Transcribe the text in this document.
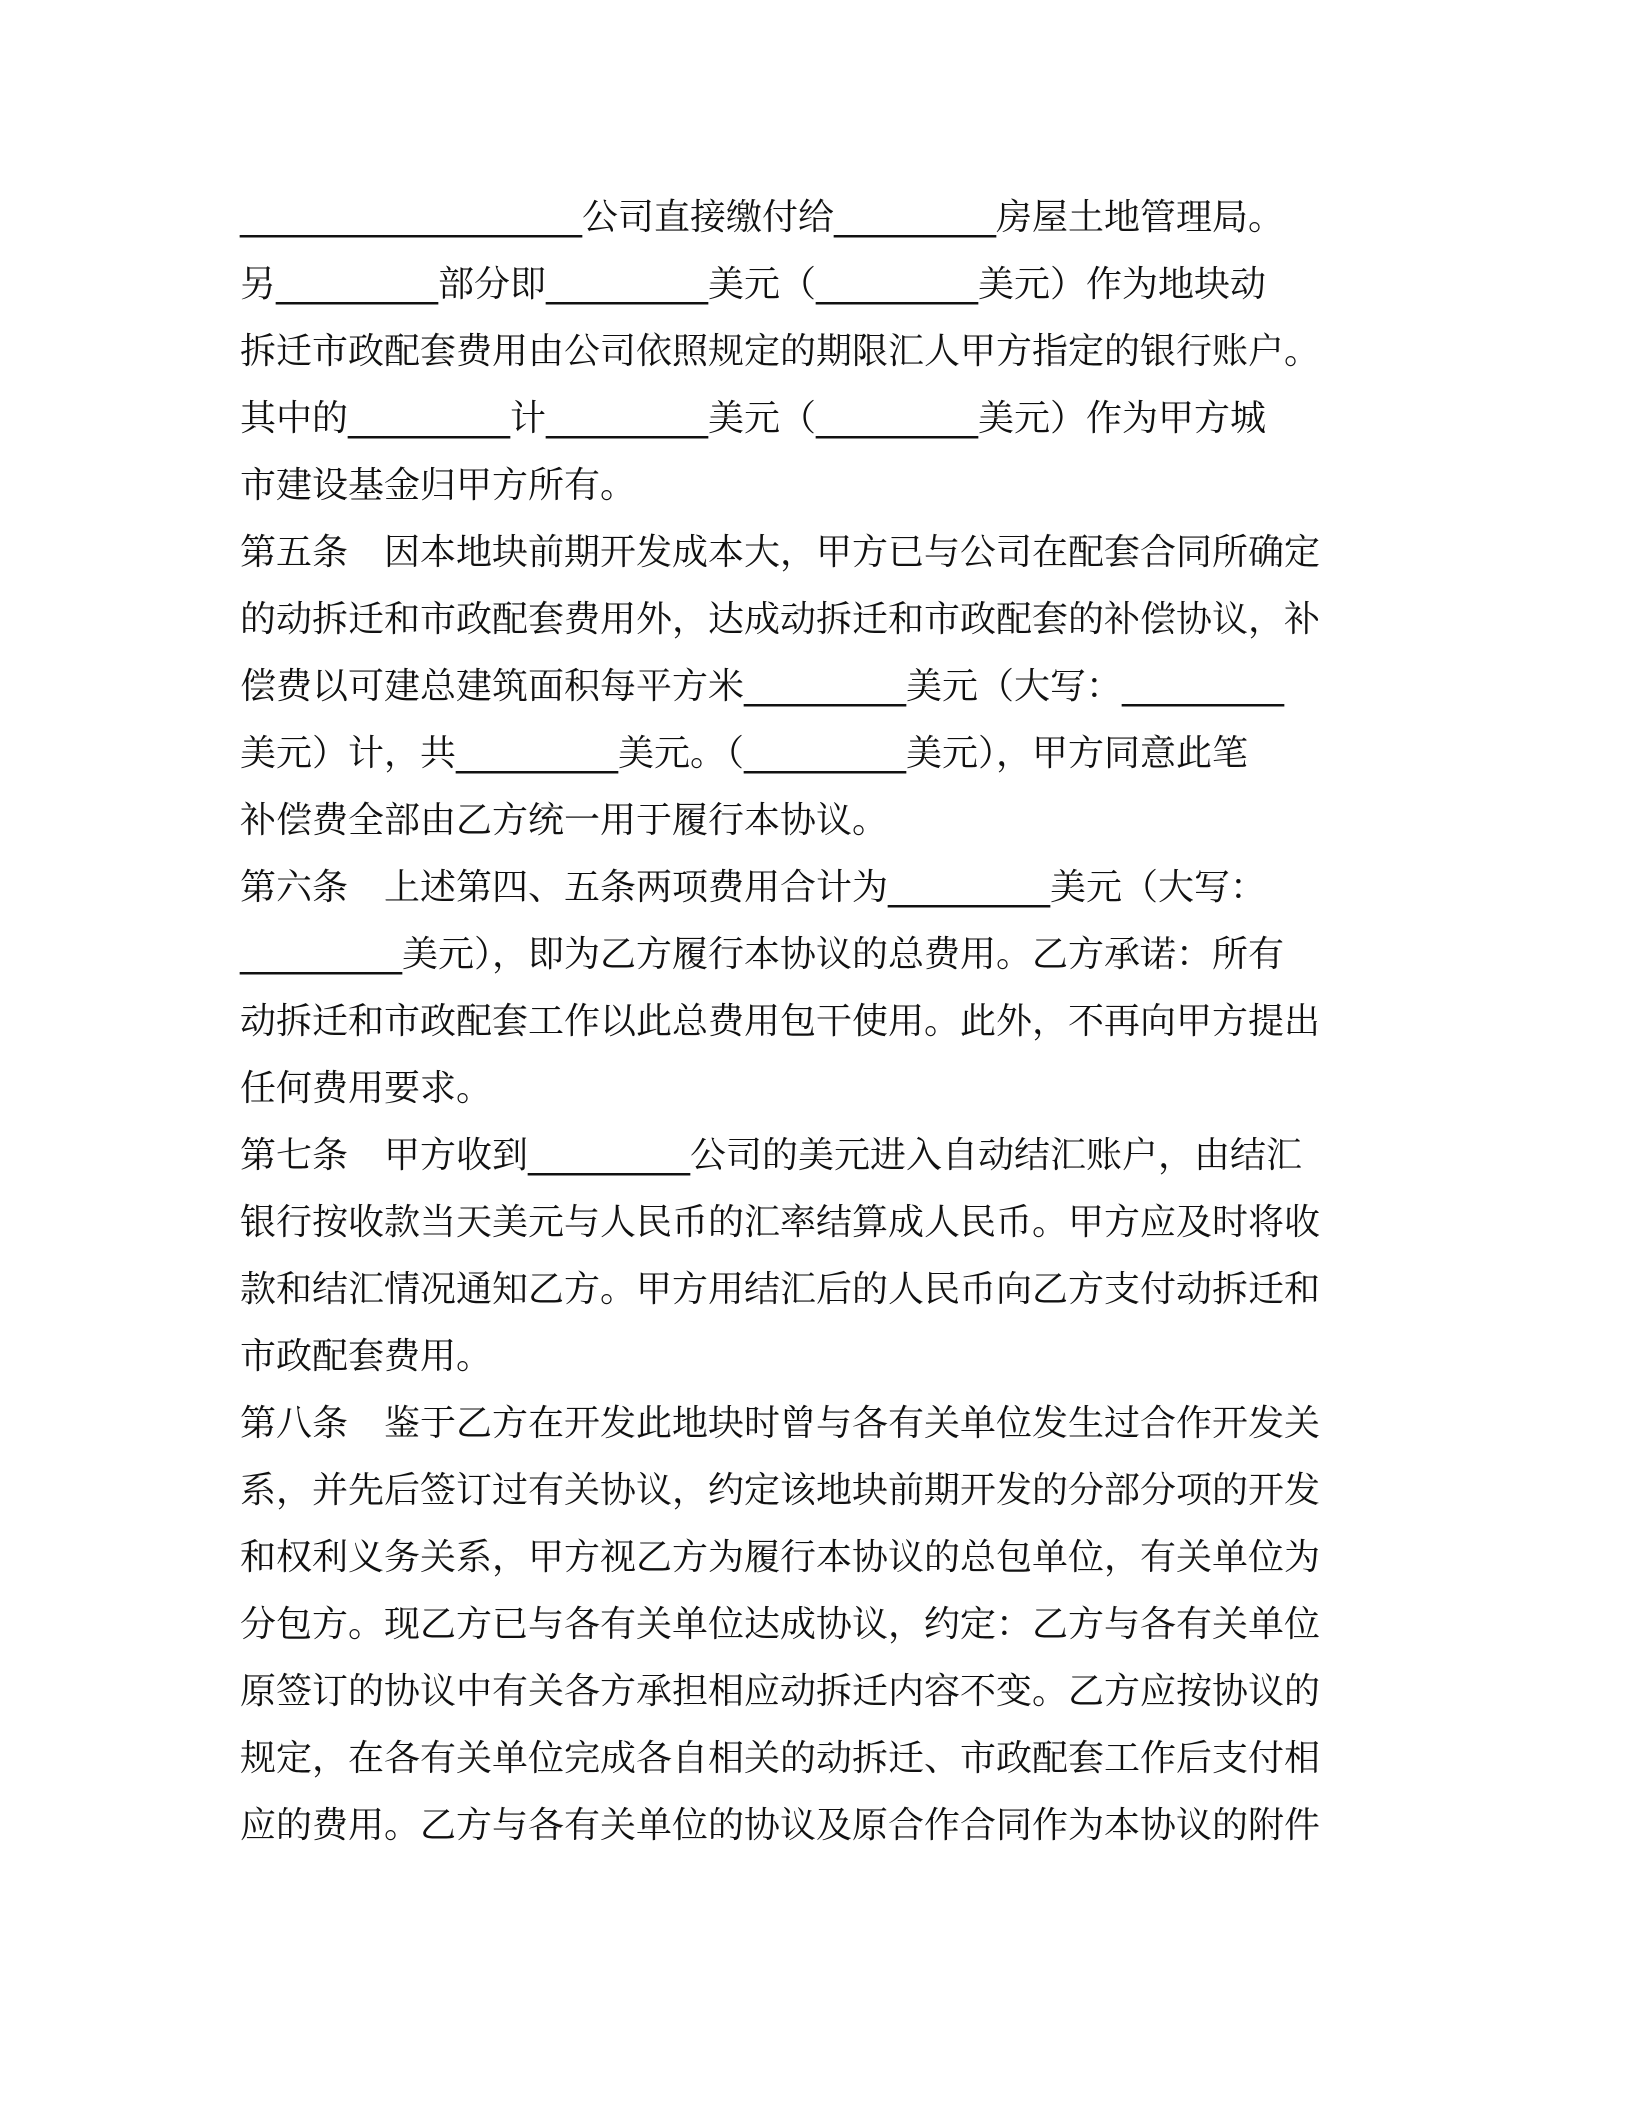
___________________公司直接缴付给_________房屋土地管理局。
另_________部分即_________美元（_________美元）作为地块动
拆迁市政配套费用由公司依照规定的期限汇人甲方指定的银行账户。
其中的_________计_________美元（_________美元）作为甲方城
市建设基金归甲方所有。
第五条　因本地块前期开发成本大，甲方已与公司在配套合同所确定
的动拆迁和市政配套费用外，达成动拆迁和市政配套的补偿协议，补
偿费以可建总建筑面积每平方米_________美元（大写：_________
美元）计，共_________美元。（_________美元），甲方同意此笔
补偿费全部由乙方统一用于履行本协议。
第六条　上述第四、五条两项费用合计为_________美元（大写：
_________美元），即为乙方履行本协议的总费用。乙方承诺：所有
动拆迁和市政配套工作以此总费用包干使用。此外，不再向甲方提出
任何费用要求。
第七条　甲方收到_________公司的美元进入自动结汇账户，由结汇
银行按收款当天美元与人民币的汇率结算成人民币。甲方应及时将收
款和结汇情况通知乙方。甲方用结汇后的人民币向乙方支付动拆迁和
市政配套费用。
第八条　鉴于乙方在开发此地块时曾与各有关单位发生过合作开发关
系，并先后签订过有关协议，约定该地块前期开发的分部分项的开发
和权利义务关系，甲方视乙方为履行本协议的总包单位，有关单位为
分包方。现乙方已与各有关单位达成协议，约定：乙方与各有关单位
原签订的协议中有关各方承担相应动拆迁内容不变。乙方应按协议的
规定，在各有关单位完成各自相关的动拆迁、市政配套工作后支付相
应的费用。乙方与各有关单位的协议及原合作合同作为本协议的附件
